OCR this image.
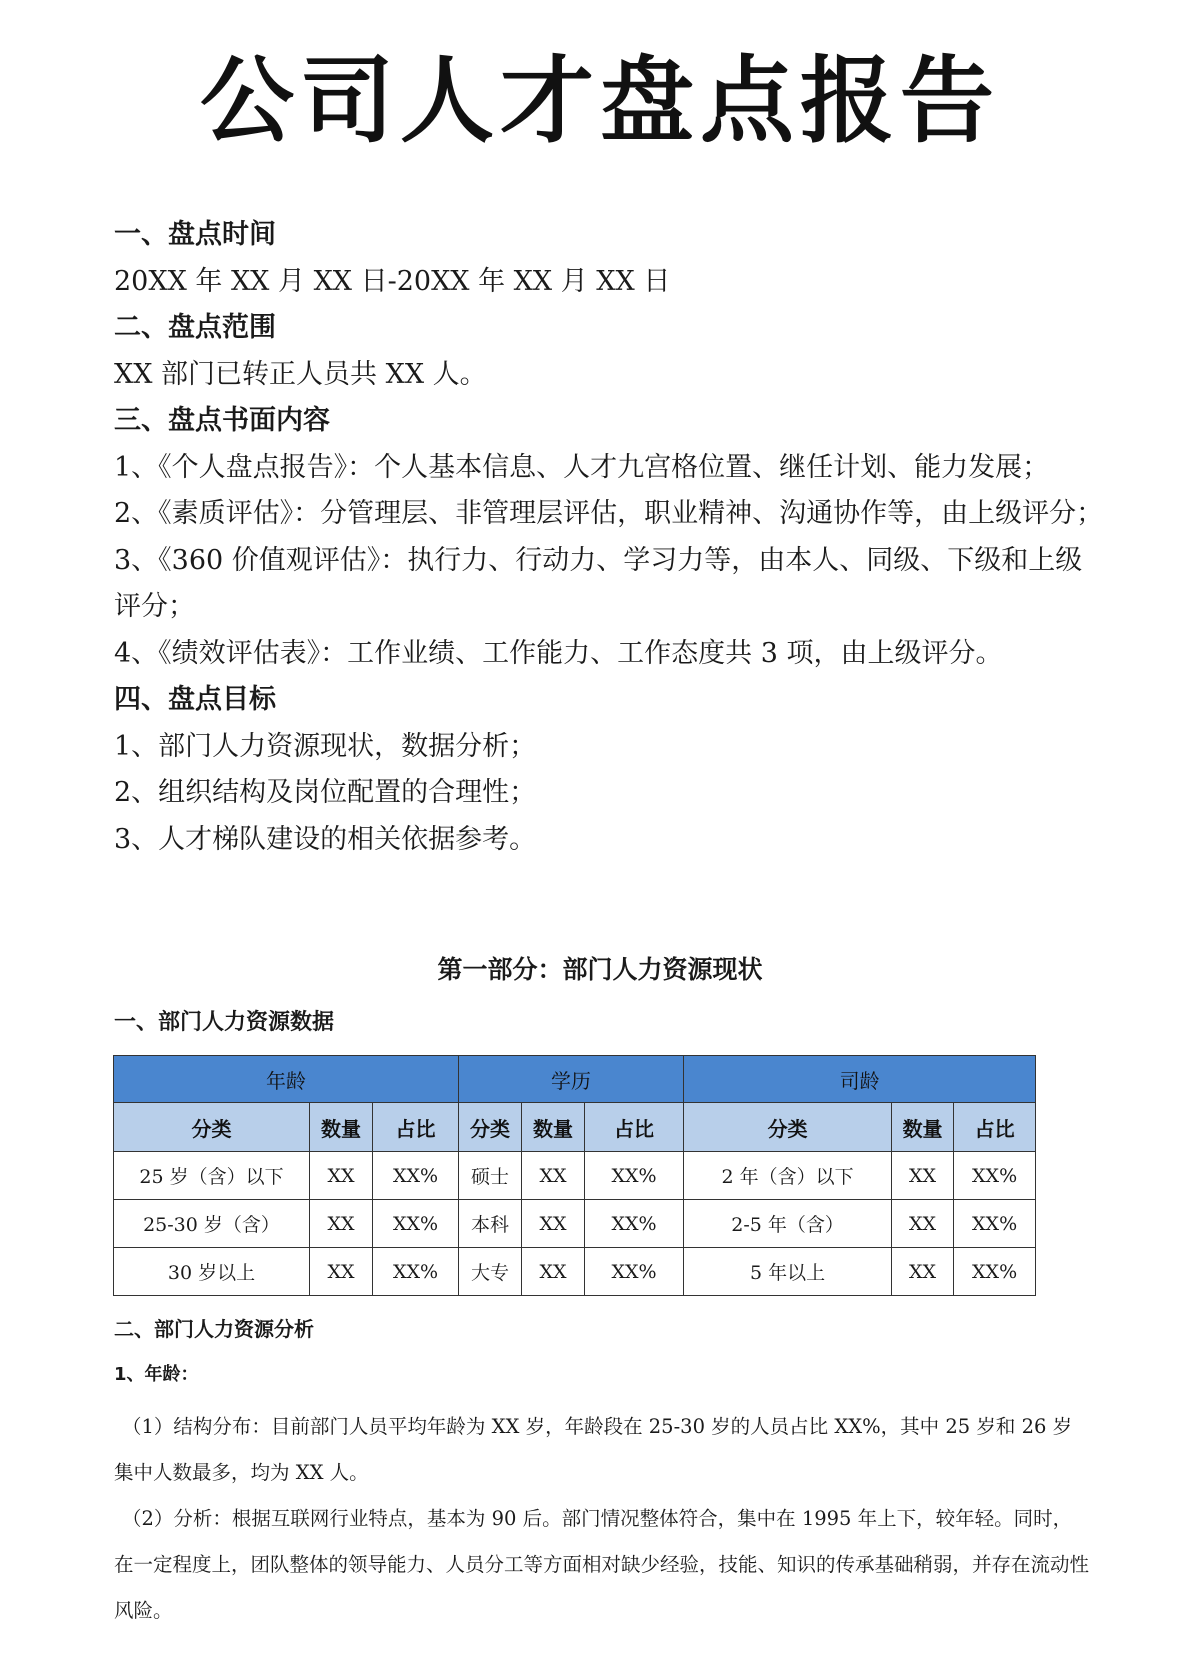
公司人才盘点报告
一、盘点时间
20XX 年 XX 月 XX 日-20XX 年 XX 月 XX 日
二、盘点范围
XX 部门已转正人员共 XX 人。
三、盘点书面内容
1、《个人盘点报告》：个人基本信息、人才九宫格位置、继任计划、能力发展；
2、《素质评估》：分管理层、非管理层评估，职业精神、沟通协作等，由上级评分；
3、《360 价值观评估》：执行力、行动力、学习力等，由本人、同级、下级和上级评分；
4、《绩效评估表》：工作业绩、工作能力、工作态度共 3 项，由上级评分。
四、盘点目标
1、部门人力资源现状，数据分析；
2、组织结构及岗位配置的合理性；
3、人才梯队建设的相关依据参考。
第一部分：部门人力资源现状
一、部门人力资源数据
年龄			学历			司龄		
分类	数量	占比	分类	数量	占比	分类	数量	占比
25 岁（含）以下	XX	XX%	硕士	XX	XX%	2 年（含）以下	XX	XX%
25-30 岁（含）	XX	XX%	本科	XX	XX%	2-5 年（含）	XX	XX%
30 岁以上	XX	XX%	大专	XX	XX%	5 年以上	XX	XX%
二、部门人力资源分析
1、年龄：
（1）结构分布：目前部门人员平均年龄为 XX 岁，年龄段在 25-30 岁的人员占比 XX%，其中 25 岁和 26 岁集中人数最多，均为 XX 人。
（2）分析：根据互联网行业特点，基本为 90 后。部门情况整体符合，集中在 1995 年上下，较年轻。同时，在一定程度上，团队整体的领导能力、人员分工等方面相对缺少经验，技能、知识的传承基础稍弱，并存在流动性风险。
